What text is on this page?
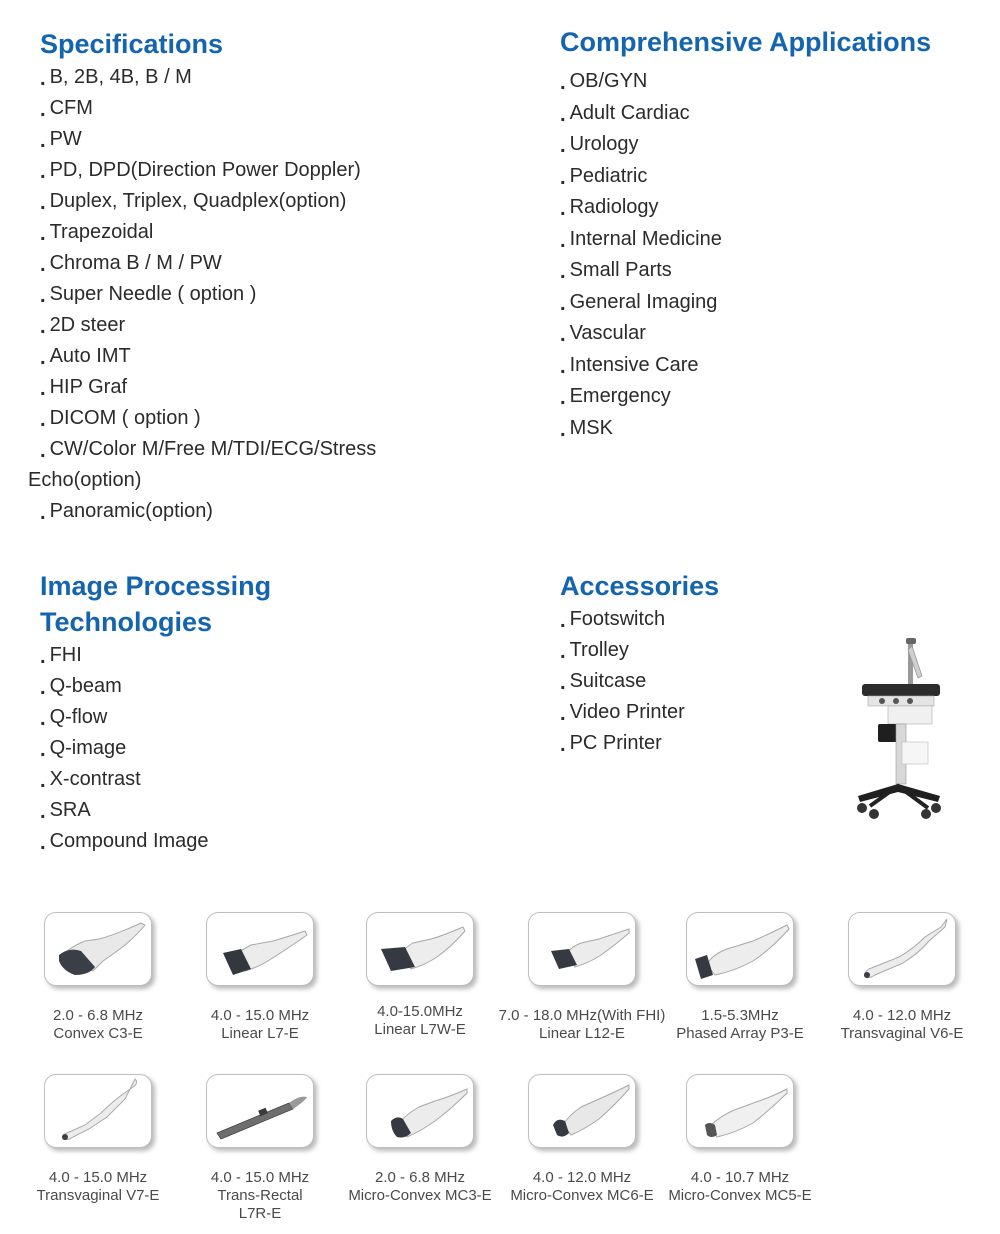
Specifications
. B, 2B, 4B, B / M
. CFM
. PW
. PD, DPD(Direction Power Doppler)
. Duplex, Triplex, Quadplex(option)
. Trapezoidal
. Chroma B / M / PW
. Super Needle ( option )
. 2D steer
. Auto IMT
. HIP Graf
. DICOM ( option )
. CW/Color M/Free M/TDI/ECG/Stress
Echo(option)
. Panoramic(option)
Comprehensive Applications
. OB/GYN
. Adult Cardiac
. Urology
. Pediatric
. Radiology
. Internal Medicine
. Small Parts
. General Imaging
. Vascular
. Intensive Care
. Emergency
. MSK
Image Processing
Technologies
. FHI
. Q-beam
. Q-flow
. Q-image
. X-contrast
. SRA
. Compound Image
Accessories
. Footswitch
. Trolley
. Suitcase
. Video Printer
. PC Printer
2.0 - 6.8 MHz
Convex C3-E
4.0 - 15.0 MHz
Linear L7-E
4.0-15.0MHz
Linear L7W-E
7.0 - 18.0 MHz(With FHI)
Linear L12-E
1.5-5.3MHz
Phased Array P3-E
4.0 - 12.0 MHz
Transvaginal V6-E
4.0 - 15.0 MHz
Transvaginal V7-E
4.0 - 15.0 MHz
Trans-Rectal
L7R-E
2.0 - 6.8 MHz
Micro-Convex MC3-E
4.0 - 12.0 MHz
Micro-Convex MC6-E
4.0 - 10.7 MHz
Micro-Convex MC5-E
